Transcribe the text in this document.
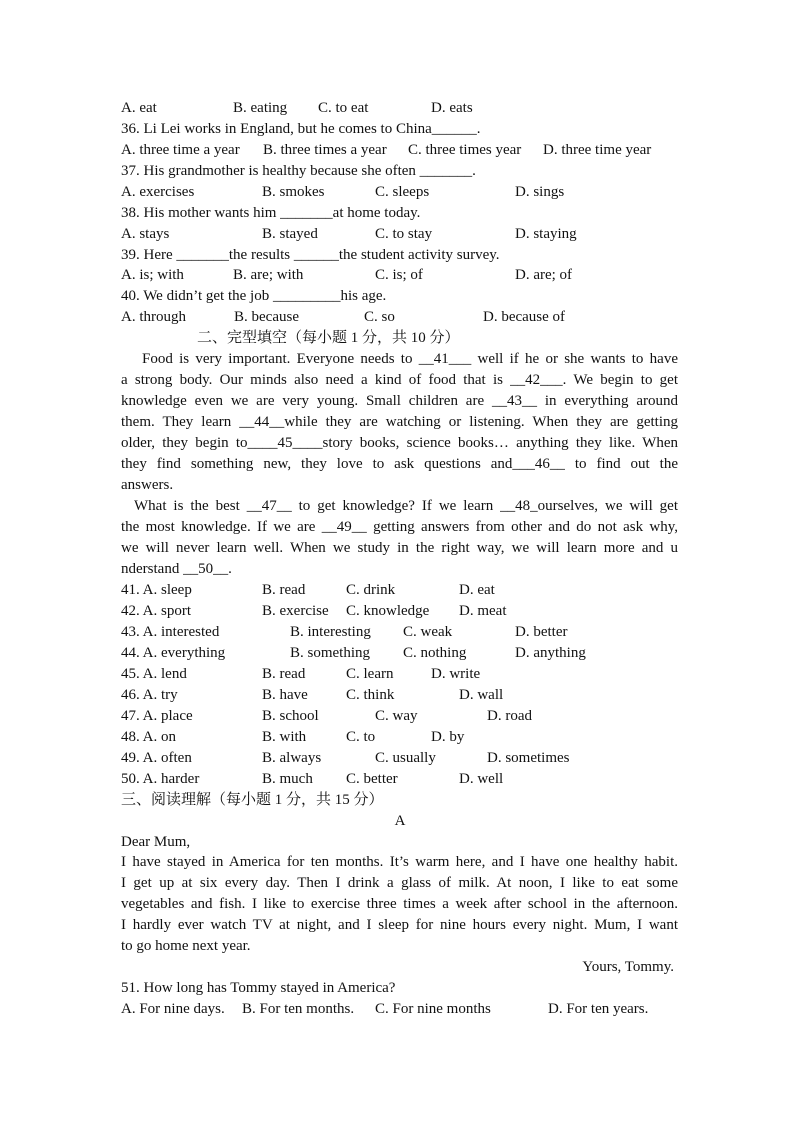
A. eat	B. eating C. to eat	D. eats
36. Li Lei works in England, but he comes to China______.
A. three time a year B. three times a year C. three times year D. three time year
37. His grandmother is healthy because she often _______.
A. exercises	B. smokes	C. sleeps	D. sings
38. His mother wants him _______at home today.
A. stays	B. stayed	C. to stay	D. staying
39. Here _______the results ______the student activity survey.
A. is; with	B. are; with	C. is; of	D. are; of
40. We didn’t get the job _________his age.
A. through	B. because	C. so	D. because of
二、完型填空（每小题 1 分，共 10 分）
Food is very important. Everyone needs to __41___ well if he or she wants to have
a strong body. Our minds also need a kind of food that is __42___. We begin to get
knowledge even we are very young. Small children are __43__ in everything around
them. They learn __44__while they are watching or listening. When they are getting
older, they begin to____45____story books, science books… anything they like. When
they find something new, they love to ask questions and___46__ to find out the
answers.
What is the best __47__ to get knowledge? If we learn __48_ourselves, we will get
the most knowledge. If we are __49__ getting answers from other and do not ask why,
we will never learn well. When we study in the right way, we will learn more and u
nderstand __50__.
41. A. sleep	B. read	C. drink	D. eat
42. A. sport	B. exercise C. knowledge D. meat
43. A. interested	B. interesting C. weak	D. better
44. A. everything	B. something C. nothing	D. anything
45. A. lend	B. read	C. learn	D. write
46. A. try	B. have	C. think	D. wall
47. A. place	B. school	C. way	D. road
48. A. on	B. with	C. to	D. by
49. A. often	B. always	C. usually	D. sometimes
50. A. harder	B. much C. better	D. well
三、阅读理解（每小题 1 分，共 15 分）
A
Dear Mum,
I have stayed in America for ten months. It’s warm here, and I have one healthy habit.
I get up at six every day. Then I drink a glass of milk. At noon, I like to eat some
vegetables and fish. I like to exercise three times a week after school in the afternoon.
I hardly ever watch TV at night, and I sleep for nine hours every night. Mum, I want
to go home next year.
Yours, Tommy.
51. How long has Tommy stayed in America?
A. For nine days. B. For ten months. C. For nine months	D. For ten years.
